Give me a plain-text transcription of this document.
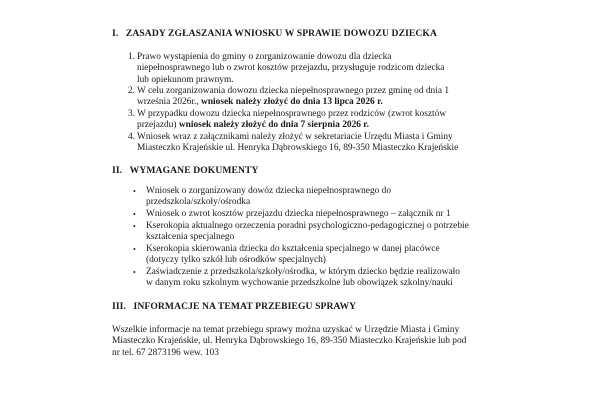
I. ZASADY ZGŁASZANIA WNIOSKU W SPRAWIE DOWOZU DZIECKA
1. Prawo wystąpienia do gminy o zorganizowanie dowozu dla dziecka
niepełnosprawnego lub o zwrot kosztów przejazdu, przysługuje rodzicom dziecka
lub opiekunom prawnym.
2. W celu zorganizowania dowozu dziecka niepełnosprawnego przez gminę od dnia 1
września 2026r., wniosek należy złożyć do dnia 13 lipca 2026 r.
3. W przypadku dowozu dziecka niepełnosprawnego przez rodziców (zwrot kosztów
przejazdu) wniosek należy złożyć do dnia 7 sierpnia 2026 r.
4. Wniosek wraz z załącznikami należy złożyć w sekretariacie Urzędu Miasta i Gminy
Miasteczko Krajeńskie ul. Henryka Dąbrowskiego 16, 89-350 Miasteczko Krajeńskie
II. WYMAGANE DOKUMENTY
• Wniosek o zorganizowany dowóz dziecka niepełnosprawnego do
przedszkola/szkoły/ośrodka
• Wniosek o zwrot kosztów przejazdu dziecka niepełnosprawnego – załącznik nr 1
• Kserokopia aktualnego orzeczenia poradni psychologiczno-pedagogicznej o potrzebie
kształcenia specjalnego
• Kserokopia skierowania dziecka do kształcenia specjalnego w danej placówce
(dotyczy tylko szkół lub ośrodków specjalnych)
• Zaświadczenie z przedszkola/szkoły/ośrodka, w którym dziecko będzie realizowało
w danym roku szkolnym wychowanie przedszkolne lub obowiązek szkolny/nauki
III. INFORMACJE NA TEMAT PRZEBIEGU SPRAWY
Wszelkie informacje na temat przebiegu sprawy można uzyskać w Urzędzie Miasta i Gminy
Miasteczko Krajeńskie, ul. Henryka Dąbrowskiego 16, 89-350 Miasteczko Krajeńskie lub pod
nr tel. 67 2873196 wew. 103
